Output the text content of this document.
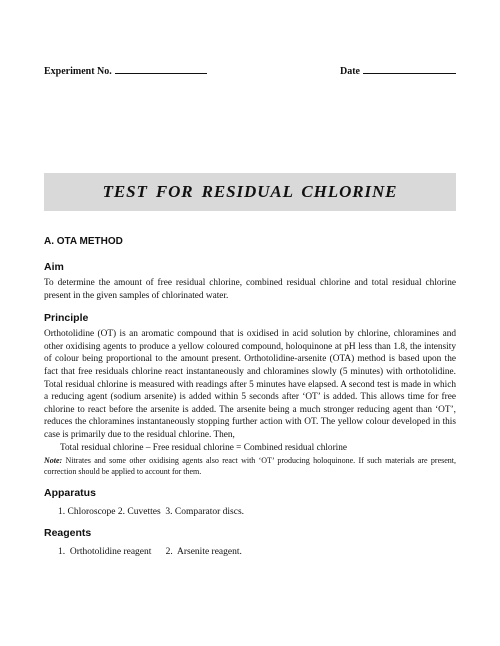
Experiment No.	Date
TEST FOR RESIDUAL CHLORINE
A. OTA METHOD
Aim

To determine the amount of free residual chlorine, combined residual chlorine and total residual chlorine present in the given samples of chlorinated water.

Principle

Orthotolidine (OT) is an aromatic compound that is oxidised in acid solution by chlorine, chloramines and other oxidising agents to produce a yellow coloured compound, holoquinone at pH less than 1.8, the intensity of colour being proportional to the amount present. Orthotolidine-arsenite (OTA) method is based upon the fact that free residuals chlorine react instantaneously and chloramines slowly (5 minutes) with orthotolidine. Total residual chlorine is measured with readings after 5 minutes have elapsed. A second test is made in which a reducing agent (sodium arsenite) is added within 5 seconds after ‘OT’ is added. This allows time for free chlorine to react before the arsenite is added. The arsenite being a much stronger reducing agent than ‘OT’, reduces the chloramines instantaneously stopping further action with OT. The yellow colour developed in this case is primarily due to the residual chlorine. Then,

Total residual chlorine – Free residual chlorine = Combined residual chlorine

Note: Nitrates and some other oxidising agents also react with ‘OT’ producing holoquinone. If such materials are present, correction should be applied to account for them.

Apparatus
1. Chloroscope 2. Cuvettes  3. Comparator discs.
Reagents
1.  Orthotolidine reagent      2.  Arsenite reagent.
